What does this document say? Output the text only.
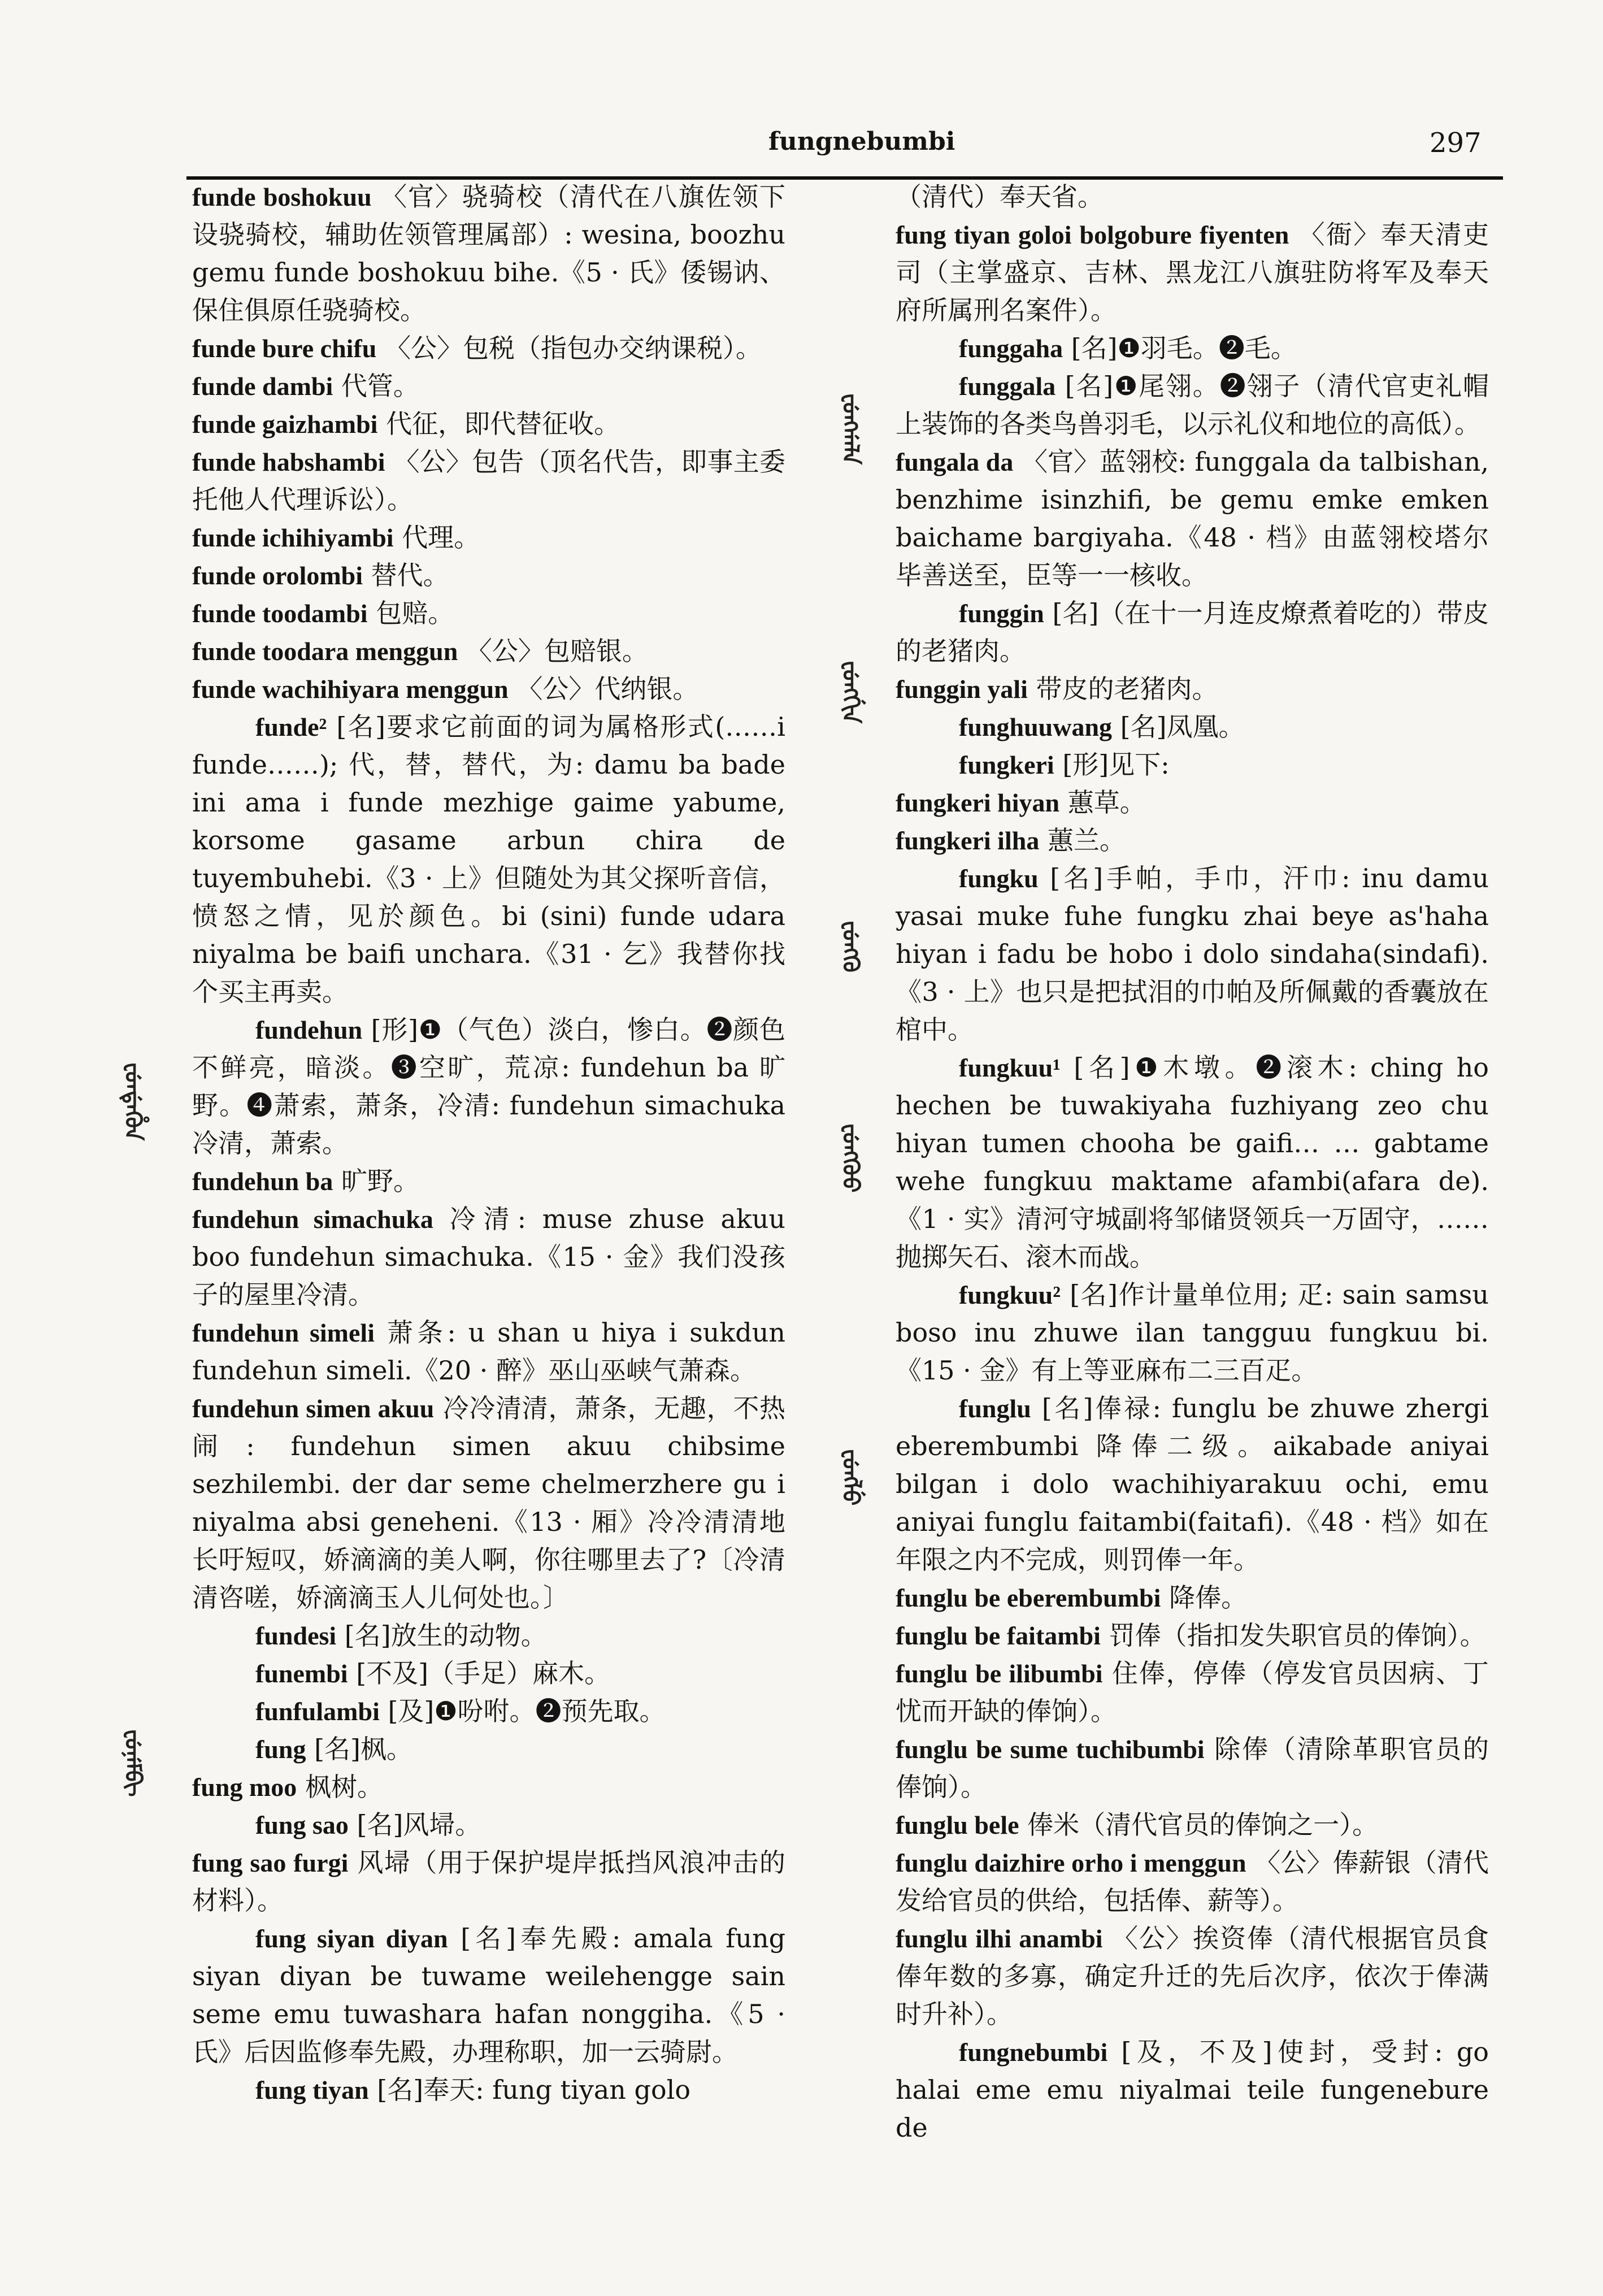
fungnebumbi	297

funde boshokuu 〈官〉骁骑校（清代在八旗佐领下设骁骑校，辅助佐领管理属部）: wesina, boozhu gemu funde boshokuu bihe.《5 · 氏》倭锡讷、保住俱原任骁骑校。

funde bure chifu 〈公〉包税（指包办交纳课税）。

funde dambi 代管。

funde gaizhambi 代征，即代替征收。

funde habshambi 〈公〉包告（顶名代告，即事主委托他人代理诉讼）。

funde ichihiyambi 代理。

funde orolombi 替代。

funde toodambi 包赔。

funde toodara menggun 〈公〉包赔银。

funde wachihiyara menggun 〈公〉代纳银。

funde² [名]要求它前面的词为属格形式(……i funde……); 代，替，替代，为: damu ba bade ini ama i funde mezhige gaime yabume, korsome gasame arbun chira de tuyembuhebi.《3 · 上》但随处为其父探听音信，愤怒之情，见於颜色。bi (sini) funde udara niyalma be baifi unchara.《31 · 乞》我替你找个买主再卖。

fundehun [形]❶（气色）淡白，惨白。❷颜色不鲜亮，暗淡。❸空旷，荒凉: fundehun ba 旷野。❹萧索，萧条，冷清: fundehun simachuka 冷清，萧索。

fundehun ba 旷野。

fundehun simachuka 冷清: muse zhuse akuu boo fundehun simachuka.《15 · 金》我们没孩子的屋里冷清。

fundehun simeli 萧条: u shan u hiya i sukdun fundehun simeli.《20 · 醉》巫山巫峡气萧森。

fundehun simen akuu 冷冷清清，萧条，无趣，不热闹: fundehun simen akuu chibsime sezhilembi. der dar seme chelmerzhere gu i niyalma absi geneheni.《13 · 厢》冷冷清清地长吁短叹，娇滴滴的美人啊，你往哪里去了?〔冷清清咨嗟，娇滴滴玉人儿何处也。〕

fundesi [名]放生的动物。

funembi [不及]（手足）麻木。

funfulambi [及]❶吩咐。❷预先取。

fung [名]枫。

fung moo 枫树。

fung sao [名]风埽。

fung sao furgi 风埽（用于保护堤岸抵挡风浪冲击的材料）。

fung siyan diyan [名]奉先殿: amala fung siyan diyan be tuwame weilehengge sain seme emu tuwashara hafan nonggiha.《5 · 氏》后因监修奉先殿，办理称职，加一云骑尉。

fung tiyan [名]奉天: fung tiyan golo

（清代）奉天省。

fung tiyan goloi bolgobure fiyenten 〈衙〉奉天清吏司（主掌盛京、吉林、黑龙江八旗驻防将军及奉天府所属刑名案件）。

funggaha [名]❶羽毛。❷毛。

funggala [名]❶尾翎。❷翎子（清代官吏礼帽上装饰的各类鸟兽羽毛，以示礼仪和地位的高低）。

fungala da 〈官〉蓝翎校: funggala da talbishan, benzhime isinzhifi, be gemu emke emken baichame bargiyaha.《48 · 档》由蓝翎校塔尔毕善送至，臣等一一核收。

funggin [名]（在十一月连皮燎煮着吃的）带皮的老猪肉。

funggin yali 带皮的老猪肉。

funghuuwang [名]凤凰。

fungkeri [形]见下:

fungkeri hiyan 蕙草。

fungkeri ilha 蕙兰。

fungku [名]手帕，手巾，汗巾: inu damu yasai muke fuhe fungku zhai beye as'haha hiyan i fadu be hobo i dolo sindaha(sindafi).《3 · 上》也只是把拭泪的巾帕及所佩戴的香囊放在棺中。

fungkuu¹ [名]❶木墩。❷滚木: ching ho hechen be tuwakiyaha fuzhiyang zeo chu hiyan tumen chooha be gaifi… … gabtame wehe fungkuu maktame afambi(afara de).《1 · 实》清河守城副将邹储贤领兵一万固守，……抛掷矢石、滚木而战。

fungkuu² [名]作计量单位用; 疋: sain samsu boso inu zhuwe ilan tangguu fungkuu bi.《15 · 金》有上等亚麻布二三百疋。

funglu [名]俸禄: funglu be zhuwe zhergi eberembumbi 降俸二级。aikabade aniyai bilgan i dolo wachihiyarakuu ochi, emu aniyai funglu faitambi(faitafi).《48 · 档》如在年限之内不完成，则罚俸一年。

funglu be eberembumbi 降俸。

funglu be faitambi 罚俸（指扣发失职官员的俸饷）。

funglu be ilibumbi 住俸，停俸（停发官员因病、丁忧而开缺的俸饷）。

funglu be sume tuchibumbi 除俸（清除革职官员的俸饷）。

funglu bele 俸米（清代官员的俸饷之一）。

funglu daizhire orho i menggun 〈公〉俸薪银（清代发给官员的供给，包括俸、薪等）。

funglu ilhi anambi 〈公〉挨资俸（清代根据官员食俸年数的多寡，确定升迁的先后次序，依次于俸满时升补）。

fungnebumbi [及，不及]使封，受封: go halai eme emu niyalmai teile fungenebure de

ᡶᡠᠨᡩᡝᡥᡠᠨ
ᡶᡠᠨᡝᠮᠪᡳ
ᡶᡠᠩᡤᠠᠯᠠ
ᡶᡠᠩᡤᡳᠨ
ᡶᡠᠩᡴᡠ
ᡶᡠᠩᡴᡠᡠ
ᡶᡠᠩᠯᡠ
